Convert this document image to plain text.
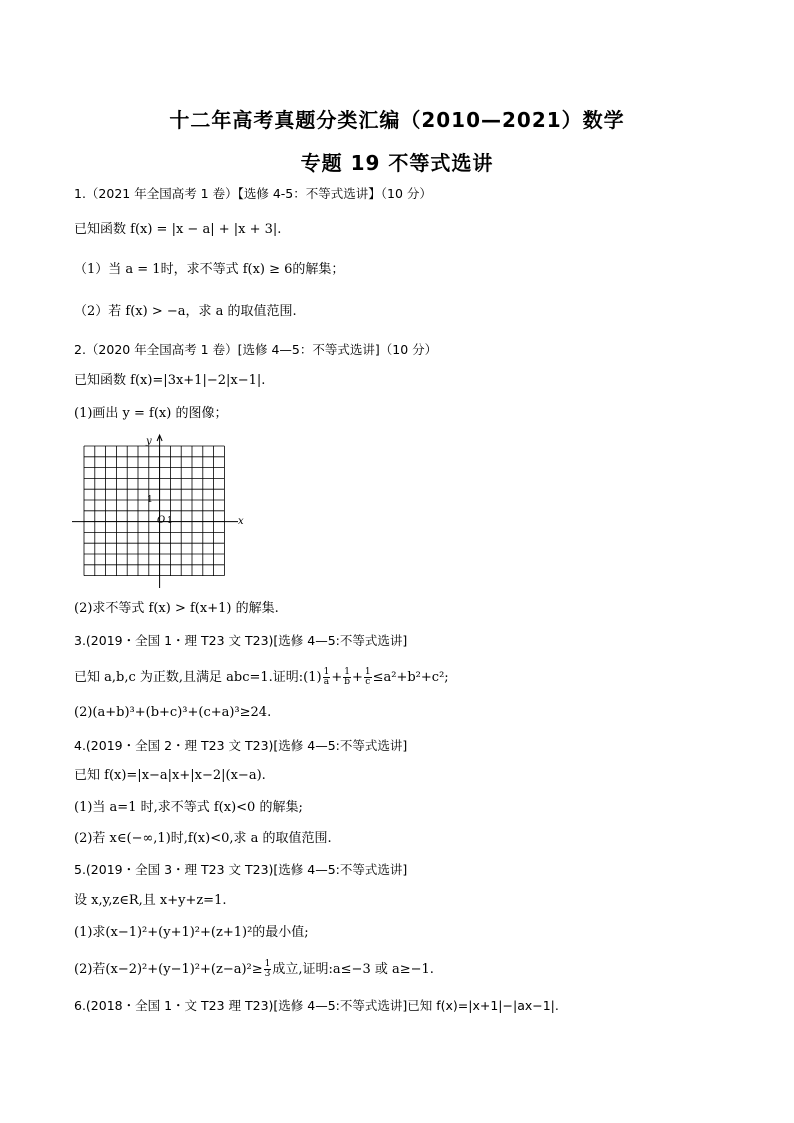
十二年高考真题分类汇编（2010—2021）数学
专题 19 不等式选讲
1.（2021 年全国高考 1 卷）【选修 4-5：不等式选讲】（10 分）
已知函数 f(x) = |x − a| + |x + 3|.
（1）当 a = 1时，求不等式 f(x) ≥ 6的解集；
（2）若 f(x) > −a，求 a 的取值范围.
2.（2020 年全国高考 1 卷）[选修 4—5：不等式选讲]（10 分）
已知函数 f(x)=|3x+1|−2|x−1|.
(1)画出 y = f(x) 的图像；
y
x
O 1
1
(2)求不等式 f(x) > f(x+1) 的解集.
3.(2019・全国 1・理 T23 文 T23)[选修 4—5:不等式选讲]
已知 a,b,c 为正数,且满足 abc=1.证明:(1) $\frac{1}{a} + \frac{1}{b} + \frac{1}{c} \le a^2+b^2+c^2$;
(2)(a+b)³+(b+c)³+(c+a)³≥24.
4.(2019・全国 2・理 T23 文 T23)[选修 4—5:不等式选讲]
已知 f(x)=|x−a|x+|x−2|(x−a).
(1)当 a=1 时,求不等式 f(x)<0 的解集;
(2)若 x∈(−∞,1)时,f(x)<0,求 a 的取值范围.
5.(2019・全国 3・理 T23 文 T23)[选修 4—5:不等式选讲]
设 x,y,z∈R,且 x+y+z=1.
(1)求(x−1)²+(y+1)²+(z+1)²的最小值;
(2)若$(x-2)^2+(y-1)^2+(z-a)^2\ge \frac{1}{3}$ 成立,证明:a≤−3 或 a≥−1.
6.(2018・全国 1・文 T23 理 T23)[选修 4—5:不等式选讲]已知 f(x)=|x+1|−|ax−1|.
